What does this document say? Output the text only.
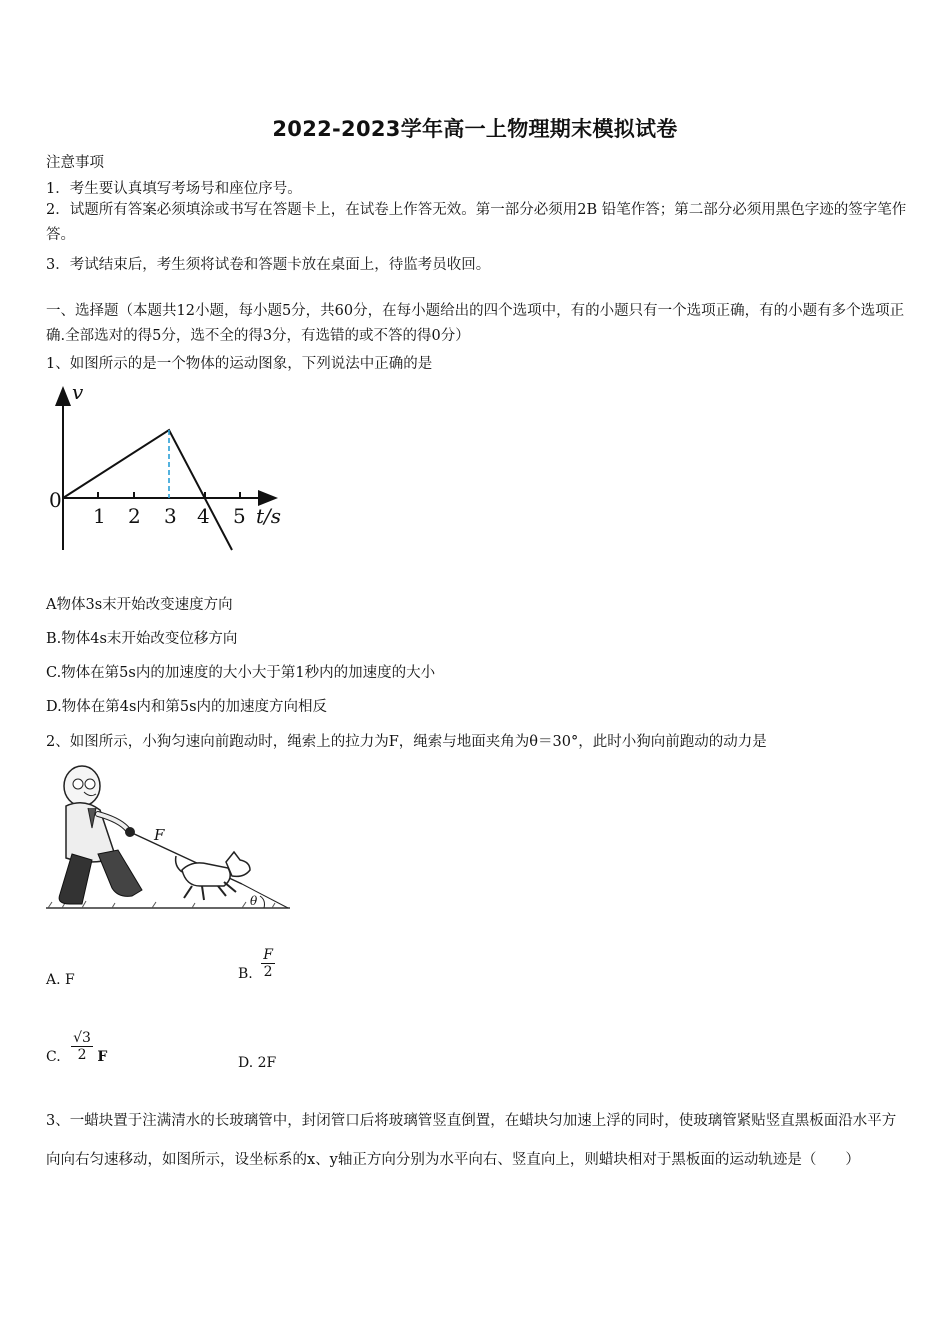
2022-2023学年高一上物理期末模拟试卷
注意事项
1．考生要认真填写考场号和座位序号。
2．试题所有答案必须填涂或书写在答题卡上，在试卷上作答无效。第一部分必须用2B 铅笔作答；第二部分必须用黑色字迹的签字笔作答。
3．考试结束后，考生须将试卷和答题卡放在桌面上，待监考员收回。
一、选择题（本题共12小题，每小题5分，共60分，在每小题给出的四个选项中，有的小题只有一个选项正确，有的小题有多个选项正确.全部选对的得5分，选不全的得3分，有选错的或不答的得0分）
1、如图所示的是一个物体的运动图象，下列说法中正确的是
v
0
1 2 3 4 5 t/s
A物体3s末开始改变速度方向
B.物体4s末开始改变位移方向
C.物体在第5s内的加速度的大小大于第1秒内的加速度的大小
D.物体在第4s内和第5s内的加速度方向相反
2、如图所示，小狗匀速向前跑动时，绳索上的拉力为F，绳索与地面夹角为θ＝30°，此时小狗向前跑动的动力是
F
θ
A. F	B. $\frac{F}{2}$
C. $\frac{√3}{2}$ F	D. 2F
3、一蜡块置于注满清水的长玻璃管中，封闭管口后将玻璃管竖直倒置，在蜡块匀加速上浮的同时，使玻璃管紧贴竖直黑板面沿水平方向向右匀速移动，如图所示，设坐标系的x、y轴正方向分别为水平向右、竖直向上，则蜡块相对于黑板面的运动轨迹是（　　）
